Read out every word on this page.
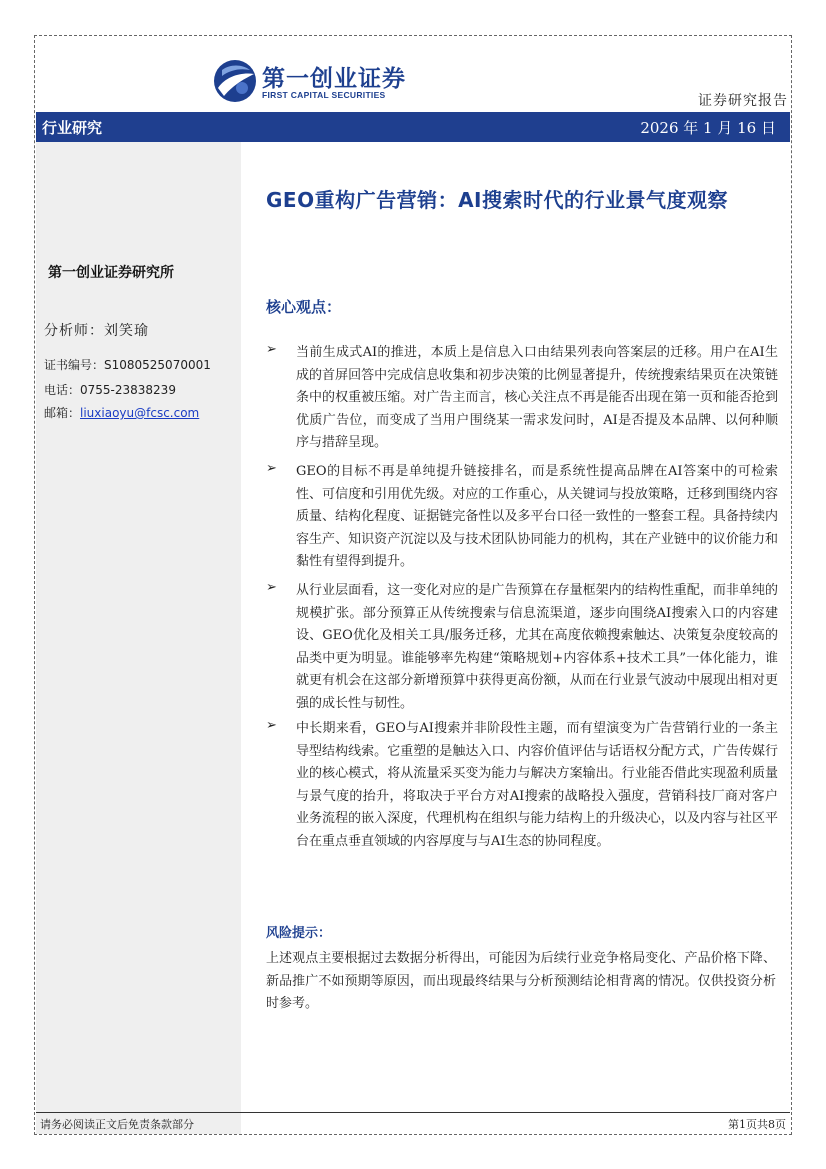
第一创业证券
FIRST CAPITAL SECURITIES	证券研究报告
行业研究	2026 年 1 月 16 日
GEO重构广告营销：AI搜索时代的行业景气度观察
第一创业证券研究所
分析师：刘笑瑜
证书编号：S1080525070001
电话：0755-23838239
邮箱：liuxiaoyu@fcsc.com
核心观点：
➢ 当前生成式AI的推进，本质上是信息入口由结果列表向答案层的迁移。用户在AI生成的首屏回答中完成信息收集和初步决策的比例显著提升，传统搜索结果页在决策链条中的权重被压缩。对广告主而言，核心关注点不再是能否出现在第一页和能否抢到优质广告位，而变成了当用户围绕某一需求发问时，AI是否提及本品牌、以何种顺序与措辞呈现。
➢ GEO的目标不再是单纯提升链接排名，而是系统性提高品牌在AI答案中的可检索性、可信度和引用优先级。对应的工作重心，从关键词与投放策略，迁移到围绕内容质量、结构化程度、证据链完备性以及多平台口径一致性的一整套工程。具备持续内容生产、知识资产沉淀以及与技术团队协同能力的机构，其在产业链中的议价能力和黏性有望得到提升。
➢ 从行业层面看，这一变化对应的是广告预算在存量框架内的结构性重配，而非单纯的规模扩张。部分预算正从传统搜索与信息流渠道，逐步向围绕AI搜索入口的内容建设、GEO优化及相关工具/服务迁移，尤其在高度依赖搜索触达、决策复杂度较高的品类中更为明显。谁能够率先构建“策略规划+内容体系+技术工具”一体化能力，谁就更有机会在这部分新增预算中获得更高份额，从而在行业景气波动中展现出相对更强的成长性与韧性。
➢ 中长期来看，GEO与AI搜索并非阶段性主题，而有望演变为广告营销行业的一条主导型结构线索。它重塑的是触达入口、内容价值评估与话语权分配方式，广告传媒行业的核心模式，将从流量采买变为能力与解决方案输出。行业能否借此实现盈利质量与景气度的抬升，将取决于平台方对AI搜索的战略投入强度，营销科技厂商对客户业务流程的嵌入深度，代理机构在组织与能力结构上的升级决心，以及内容与社区平台在重点垂直领域的内容厚度与与AI生态的协同程度。
风险提示：
上述观点主要根据过去数据分析得出，可能因为后续行业竞争格局变化、产品价格下降、新品推广不如预期等原因，而出现最终结果与分析预测结论相背离的情况。仅供投资分析时参考。
请务必阅读正文后免责条款部分	第1页共8页
